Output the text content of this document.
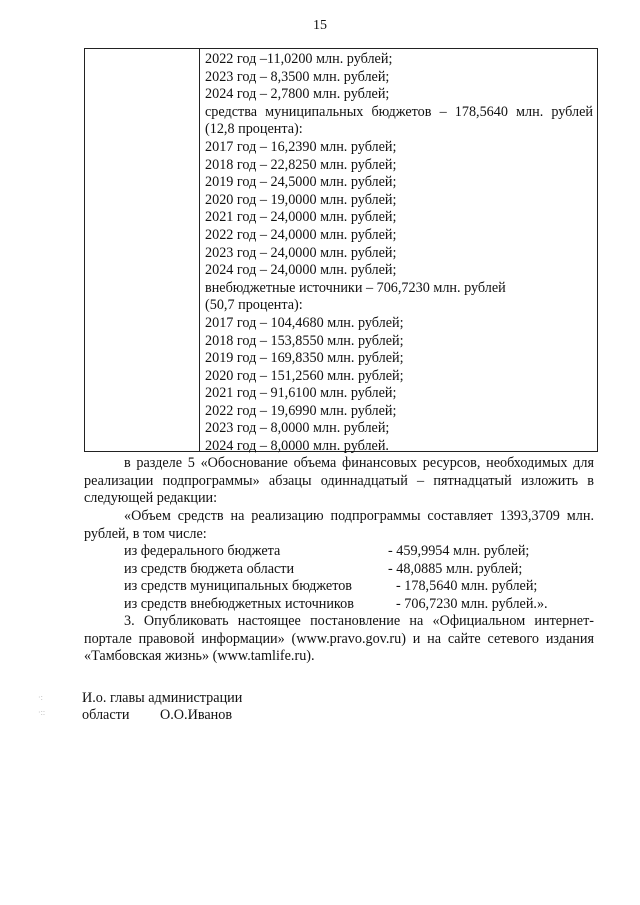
15
2022 год –11,0200 млн. рублей;
2023 год – 8,3500 млн. рублей;
2024 год – 2,7800 млн. рублей;
средства муниципальных бюджетов – 178,5640 млн. рублей (12,8 процента):
2017 год – 16,2390 млн. рублей;
2018 год – 22,8250 млн. рублей;
2019 год – 24,5000 млн. рублей;
2020 год – 19,0000 млн. рублей;
2021 год – 24,0000 млн. рублей;
2022 год – 24,0000 млн. рублей;
2023 год – 24,0000 млн. рублей;
2024 год – 24,0000 млн. рублей;
внебюджетные источники – 706,7230 млн. рублей
(50,7 процента):
2017 год – 104,4680 млн. рублей;
2018 год – 153,8550 млн. рублей;
2019 год – 169,8350 млн. рублей;
2020 год – 151,2560 млн. рублей;
2021 год – 91,6100 млн. рублей;
2022 год – 19,6990 млн. рублей;
2023 год – 8,0000 млн. рублей;
2024 год – 8,0000 млн. рублей.
в разделе 5 «Обоснование объема финансовых ресурсов, необходимых для реализации подпрограммы» абзацы одиннадцатый – пятнадцатый изложить в следующей редакции:
«Объем средств на реализацию подпрограммы составляет 1393,3709 млн. рублей, в том числе:
из федерального бюджета	- 459,9954 млн. рублей;
из средств бюджета области	- 48,0885 млн. рублей;
из средств муниципальных бюджетов	- 178,5640 млн. рублей;
из средств внебюджетных источников	- 706,7230 млн. рублей.».
3. Опубликовать настоящее постановление на «Официальном интернет-портале правовой информации» (www.pravo.gov.ru) и на сайте сетевого издания «Тамбовская жизнь» (www.tamlife.ru).
И.о. главы администрации
области О.О.Иванов
·:
·::
